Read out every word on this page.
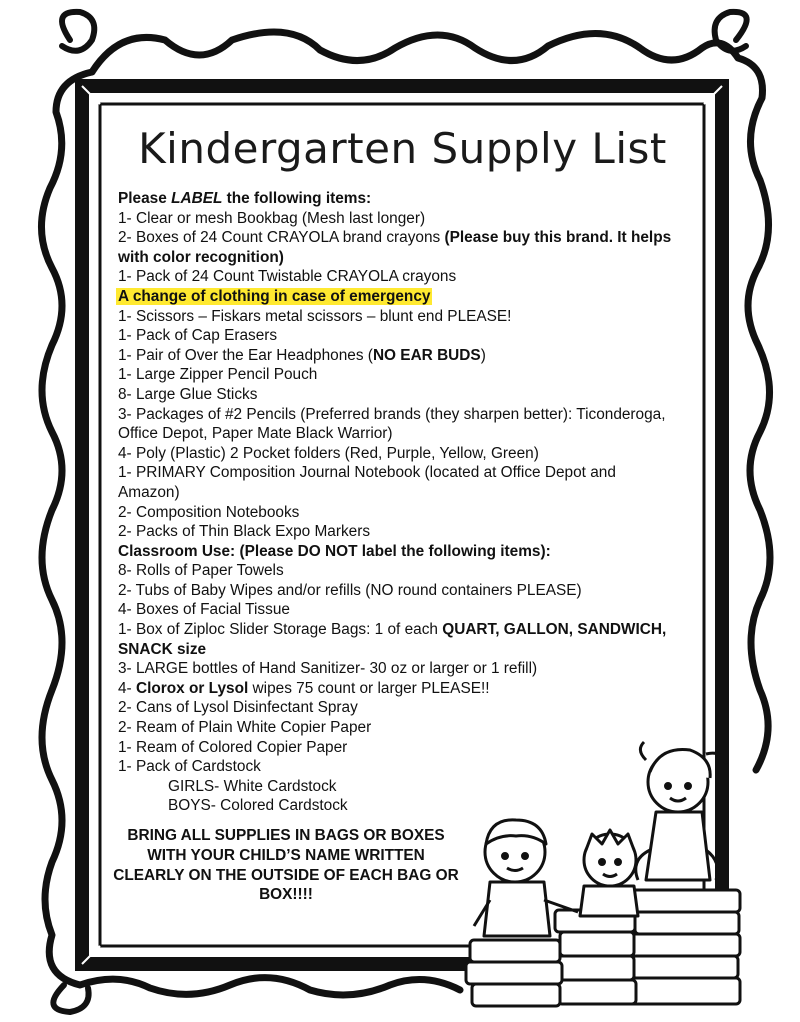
Kindergarten Supply List
Please LABEL the following items:
1- Clear or mesh Bookbag (Mesh last longer)
2- Boxes of 24 Count CRAYOLA brand crayons (Please buy this brand. It helps with color recognition)
1- Pack of 24 Count Twistable CRAYOLA crayons
A change of clothing in case of emergency
1- Scissors – Fiskars metal scissors – blunt end PLEASE!
1- Pack of Cap Erasers
1- Pair of Over the Ear Headphones (NO EAR BUDS)
1- Large Zipper Pencil Pouch
8- Large Glue Sticks
3- Packages of #2 Pencils (Preferred brands (they sharpen better): Ticonderoga, Office Depot, Paper Mate Black Warrior)
4- Poly (Plastic) 2 Pocket folders (Red, Purple, Yellow, Green)
1- PRIMARY Composition Journal Notebook (located at Office Depot and Amazon)
2- Composition Notebooks
2- Packs of Thin Black Expo Markers
Classroom Use: (Please DO NOT label the following items):
8- Rolls of Paper Towels
2- Tubs of Baby Wipes and/or refills (NO round containers PLEASE)
4- Boxes of Facial Tissue
1- Box of Ziploc Slider Storage Bags: 1 of each QUART, GALLON, SANDWICH, SNACK size
3- LARGE bottles of Hand Sanitizer- 30 oz or larger or 1 refill)
4- Clorox or Lysol wipes 75 count or larger PLEASE!!
2- Cans of Lysol Disinfectant Spray
2- Ream of Plain White Copier Paper
1- Ream of Colored Copier Paper
1- Pack of Cardstock
GIRLS- White Cardstock
BOYS- Colored Cardstock
BRING ALL SUPPLIES IN BAGS OR BOXES WITH YOUR CHILD’S NAME WRITTEN CLEARLY ON THE OUTSIDE OF EACH BAG OR BOX!!!!
